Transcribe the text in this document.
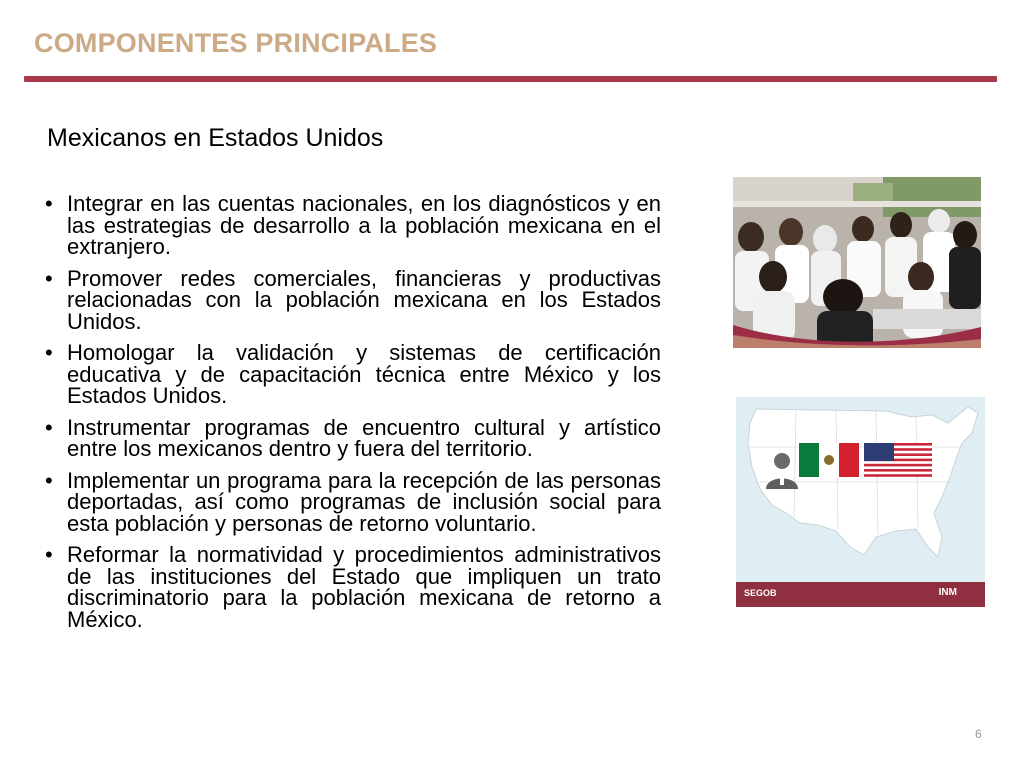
COMPONENTES PRINCIPALES
Mexicanos en Estados Unidos
• Integrar en las cuentas nacionales, en los diagnósticos y en las estrategias de desarrollo a la población mexicana en el extranjero.
• Promover redes comerciales, financieras y productivas relacionadas con la población mexicana en los Estados Unidos.
• Homologar la validación y sistemas de certificación educativa y de capacitación técnica entre México y los Estados Unidos.
• Instrumentar programas de encuentro cultural y artístico entre los mexicanos dentro y fuera del territorio.
• Implementar un programa para la recepción de las personas deportadas, así como programas de inclusión social para esta población y personas de retorno voluntario.
• Reformar la normatividad y procedimientos administrativos de las instituciones del Estado que impliquen un trato discriminatorio para la población mexicana de retorno a México.
SEGOB	INM
6
